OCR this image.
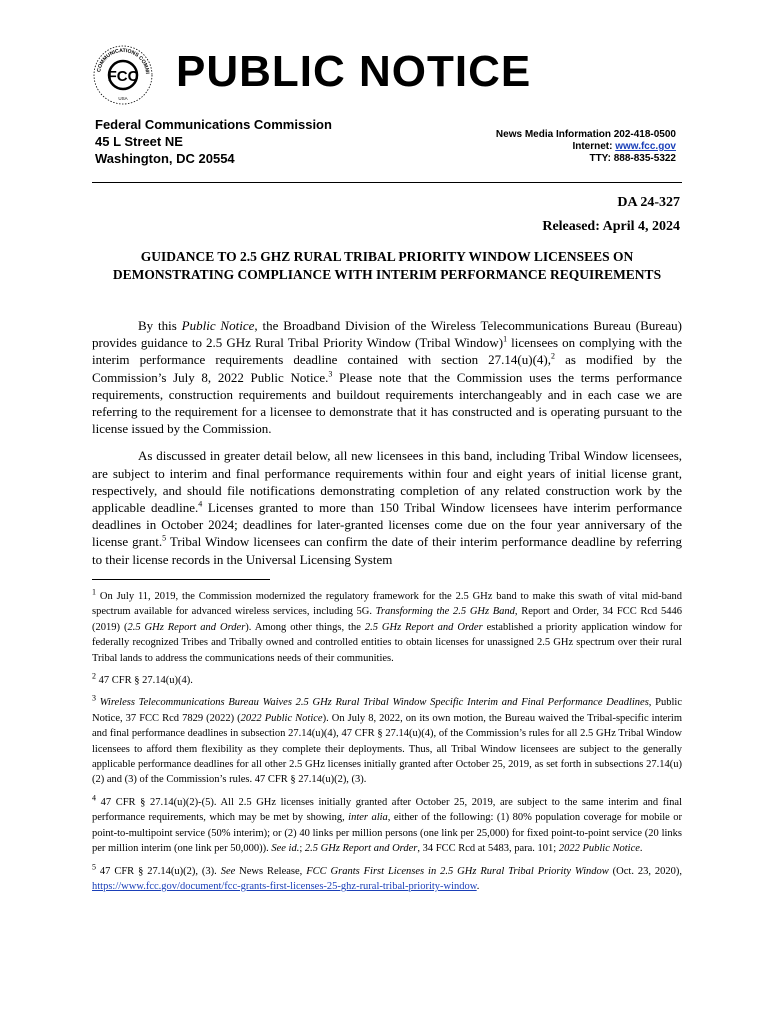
COMMUNICATIONS COMMI
FCC
USA
PUBLIC NOTICE
Federal Communications Commission
45 L Street NE
Washington, DC 20554
News Media Information 202-418-0500
Internet: www.fcc.gov
TTY: 888-835-5322
DA 24-327
Released: April 4, 2024
GUIDANCE TO 2.5 GHZ RURAL TRIBAL PRIORITY WINDOW LICENSEES ON DEMONSTRATING COMPLIANCE WITH INTERIM PERFORMANCE REQUIREMENTS

By this Public Notice, the Broadband Division of the Wireless Telecommunications Bureau (Bureau) provides guidance to 2.5 GHz Rural Tribal Priority Window (Tribal Window)$^1$ licensees on complying with the interim performance requirements deadline contained with section 27.14(u)(4),$^2$ as modified by the Commission’s July 8, 2022 Public Notice.$^3$ Please note that the Commission uses the terms performance requirements, construction requirements and buildout requirements interchangeably and in each case we are referring to the requirement for a licensee to demonstrate that it has constructed and is operating pursuant to the license issued by the Commission.

As discussed in greater detail below, all new licensees in this band, including Tribal Window licensees, are subject to interim and final performance requirements within four and eight years of initial license grant, respectively, and should file notifications demonstrating completion of any related construction work by the applicable deadline.$^4$ Licenses granted to more than 150 Tribal Window licensees have interim performance deadlines in October 2024; deadlines for later-granted licenses come due on the four year anniversary of the license grant.$^5$ Tribal Window licensees can confirm the date of their interim performance deadline by referring to their license records in the Universal Licensing System

$^1$ On July 11, 2019, the Commission modernized the regulatory framework for the 2.5 GHz band to make this swath of vital mid-band spectrum available for advanced wireless services, including 5G. Transforming the 2.5 GHz Band, Report and Order, 34 FCC Rcd 5446 (2019) (2.5 GHz Report and Order). Among other things, the 2.5 GHz Report and Order established a priority application window for federally recognized Tribes and Tribally owned and controlled entities to obtain licenses for unassigned 2.5 GHz spectrum over their rural Tribal lands to address the communications needs of their communities.
$^2$ 47 CFR § 27.14(u)(4).
$^3$ Wireless Telecommunications Bureau Waives 2.5 GHz Rural Tribal Window Specific Interim and Final Performance Deadlines, Public Notice, 37 FCC Rcd 7829 (2022) (2022 Public Notice). On July 8, 2022, on its own motion, the Bureau waived the Tribal-specific interim and final performance deadlines in subsection 27.14(u)(4), 47 CFR § 27.14(u)(4), of the Commission’s rules for all 2.5 GHz Tribal Window licensees to afford them flexibility as they complete their deployments. Thus, all Tribal Window licensees are subject to the generally applicable performance deadlines for all other 2.5 GHz licenses initially granted after October 25, 2019, as set forth in subsections 27.14(u)(2) and (3) of the Commission’s rules. 47 CFR § 27.14(u)(2), (3).
$^4$ 47 CFR § 27.14(u)(2)-(5). All 2.5 GHz licenses initially granted after October 25, 2019, are subject to the same interim and final performance requirements, which may be met by showing, inter alia, either of the following: (1) 80% population coverage for mobile or point-to-multipoint service (50% interim); or (2) 40 links per million persons (one link per 25,000) for fixed point-to-point service (20 links per million interim (one link per 50,000)). See id.; 2.5 GHz Report and Order, 34 FCC Rcd at 5483, para. 101; 2022 Public Notice.
$^5$ 47 CFR § 27.14(u)(2), (3). See News Release, FCC Grants First Licenses in 2.5 GHz Rural Tribal Priority Window (Oct. 23, 2020), https://www.fcc.gov/document/fcc-grants-first-licenses-25-ghz-rural-tribal-priority-window.
